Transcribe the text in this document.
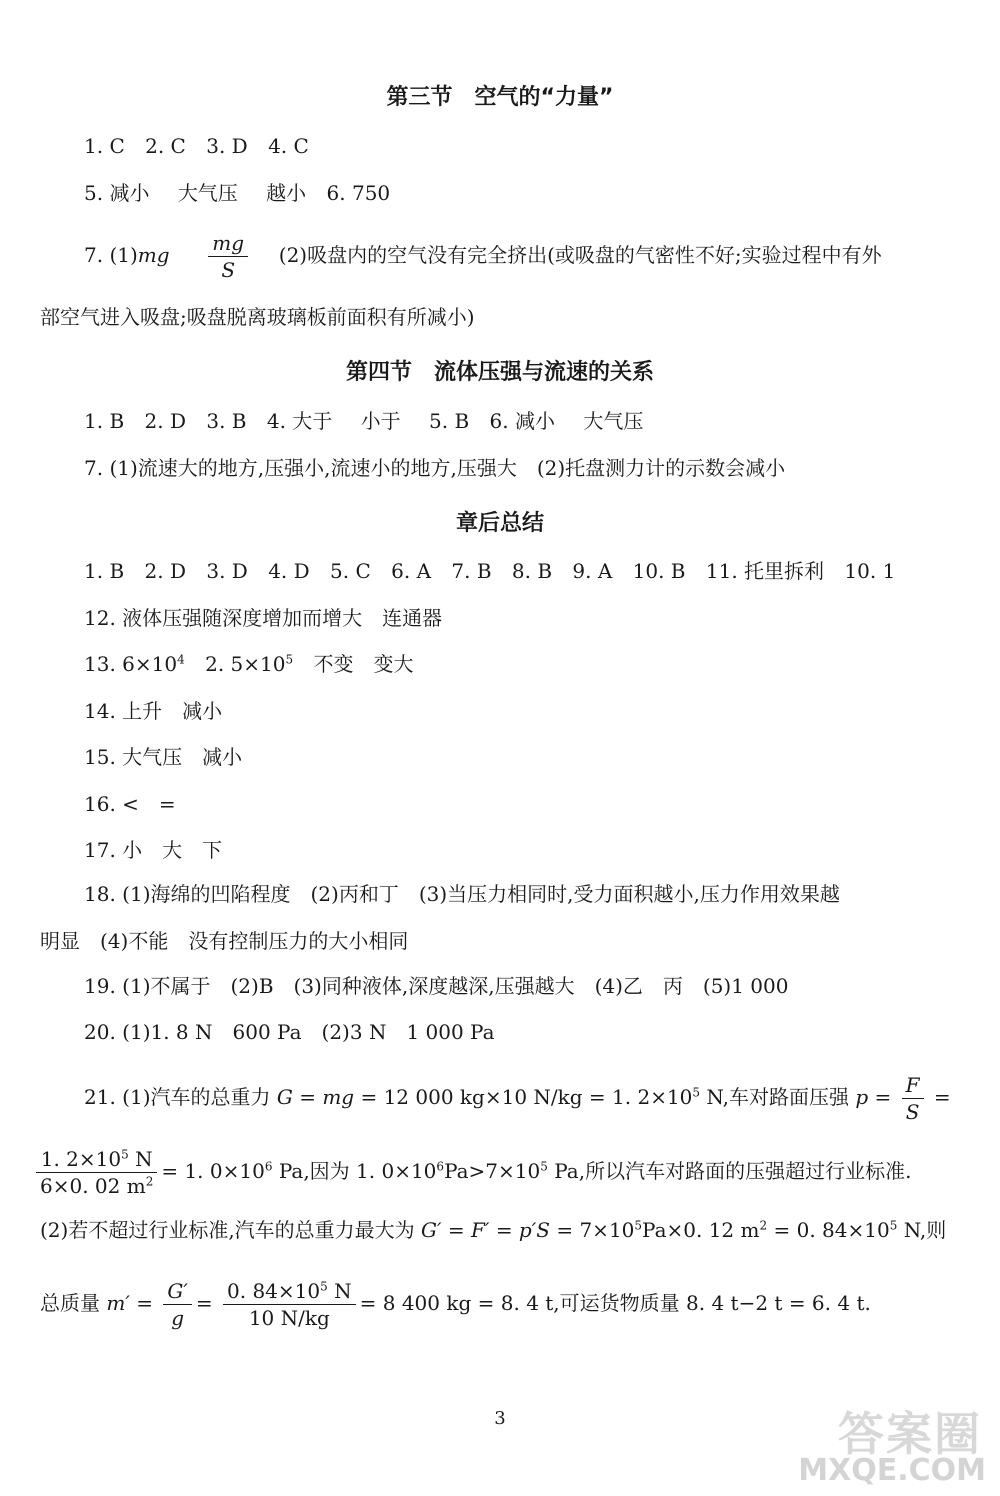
第三节　空气的“力量”
1. C 2. C 3. D 4. C
5. 减小 大气压 越小 6. 750
7. $(1)mg \frac{mg}{S} (2)$吸盘内的空气没有完全挤出(或吸盘的气密性不好;实验过程中有外
部空气进入吸盘;吸盘脱离玻璃板前面积有所减小)
第四节　流体压强与流速的关系
1. B 2. D 3. B 4. 大于 小于 5. B 6. 减小 大气压
7. (1)流速大的地方,压强小,流速小的地方,压强大　(2)托盘测力计的示数会减小
章后总结
1. B 2. D 3. D 4. D 5. C 6. A 7. B 8. B 9. A 10. B 11. 托里拆利 10. 1
12. 液体压强随深度增加而增大　连通器
13. $6\times 10^4$ 2. $5\times 10^5$ 不变　变大
14. 上升　减小
15. 大气压　减小
16. <　=
17. 小　大　下
18. (1)海绵的凹陷程度　(2)丙和丁　(3)当压力相同时,受力面积越小,压力作用效果越
明显　(4)不能　没有控制压力的大小相同
19. (1)不属于　(2)B　(3)同种液体,深度越深,压强越大　(4)乙　丙　(5)1 000
20. (1)1. 8 N　600 Pa　(2)3 N　1 000 Pa
21. (1)汽车的总重力 G = mg = 12 000 kg×10 N/kg = 1. $2\times 10^5$ N,车对路面压强 $p = \frac{F}{S}$ =
$\frac{1. 2\times 10^5 N}{6\times 0. 02 m^2} = 1$. $0\times 10^6$ Pa,因为 1. $0\times 10^6Pa>7\times 10^5$ Pa,所以汽车对路面的压强超过行业标准.
(2)若不超过行业标准,汽车的总重力最大为 $G' = F' = p'S = 7\times 10^5Pa\times 0$. 12 $m^2 = 0$. $84\times 10^5$ N,则
总质量 $m' = \frac{G'}{g} = \frac{0. 84\times 10^5 N}{10 N/kg} = 8$ 400 kg = 8. 4 t,可运货物质量 8. 4 t−2 t = 6. 4 t.
3	答案圈
MXQE.COM
